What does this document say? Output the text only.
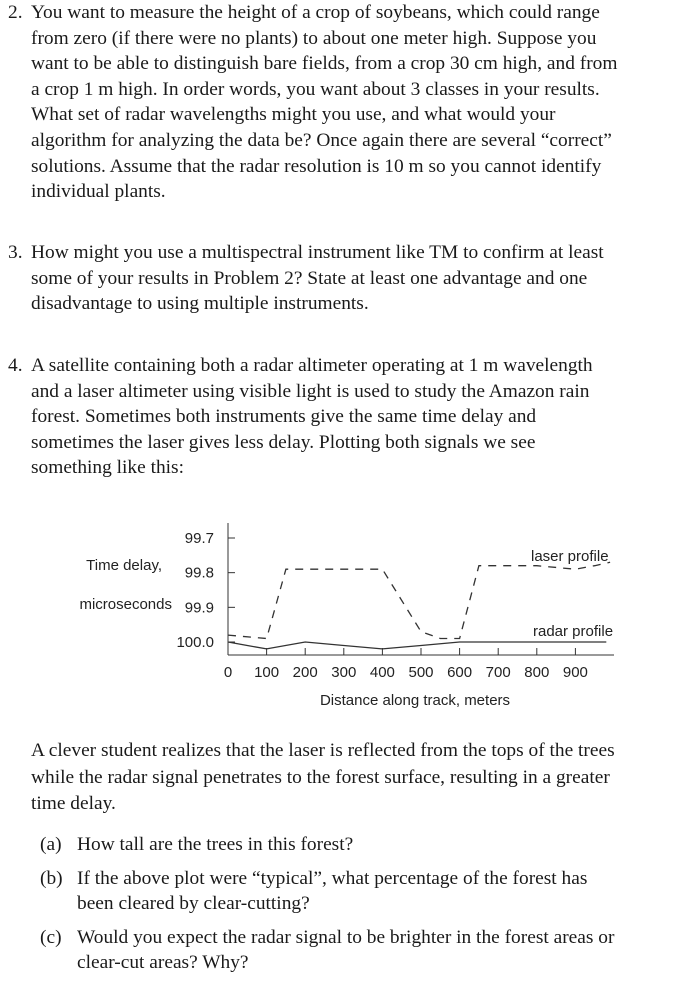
2. You want to measure the height of a crop of soybeans, which could range
from zero (if there were no plants) to about one meter high. Suppose you
want to be able to distinguish bare fields, from a crop 30 cm high, and from
a crop 1 m high. In order words, you want about 3 classes in your results.
What set of radar wavelengths might you use, and what would your
algorithm for analyzing the data be? Once again there are several “correct”
solutions. Assume that the radar resolution is 10 m so you cannot identify
individual plants.
3. How might you use a multispectral instrument like TM to confirm at least
some of your results in Problem 2? State at least one advantage and one
disadvantage to using multiple instruments.
4. A satellite containing both a radar altimeter operating at 1 m wavelength
and a laser altimeter using visible light is used to study the Amazon rain
forest. Sometimes both instruments give the same time delay and
sometimes the laser gives less delay. Plotting both signals we see
something like this:
99.7
99.8
99.9
100.0
0 100 200 300 400 500 600 700 800 900
Time delay,
microseconds
Distance along track, meters
laser profile
radar profile
A clever student realizes that the laser is reflected from the tops of the trees
while the radar signal penetrates to the forest surface, resulting in a greater
time delay.
(a) How tall are the trees in this forest?
(b) If the above plot were “typical”, what percentage of the forest has
been cleared by clear-cutting?
(c) Would you expect the radar signal to be brighter in the forest areas or
clear-cut areas? Why?
